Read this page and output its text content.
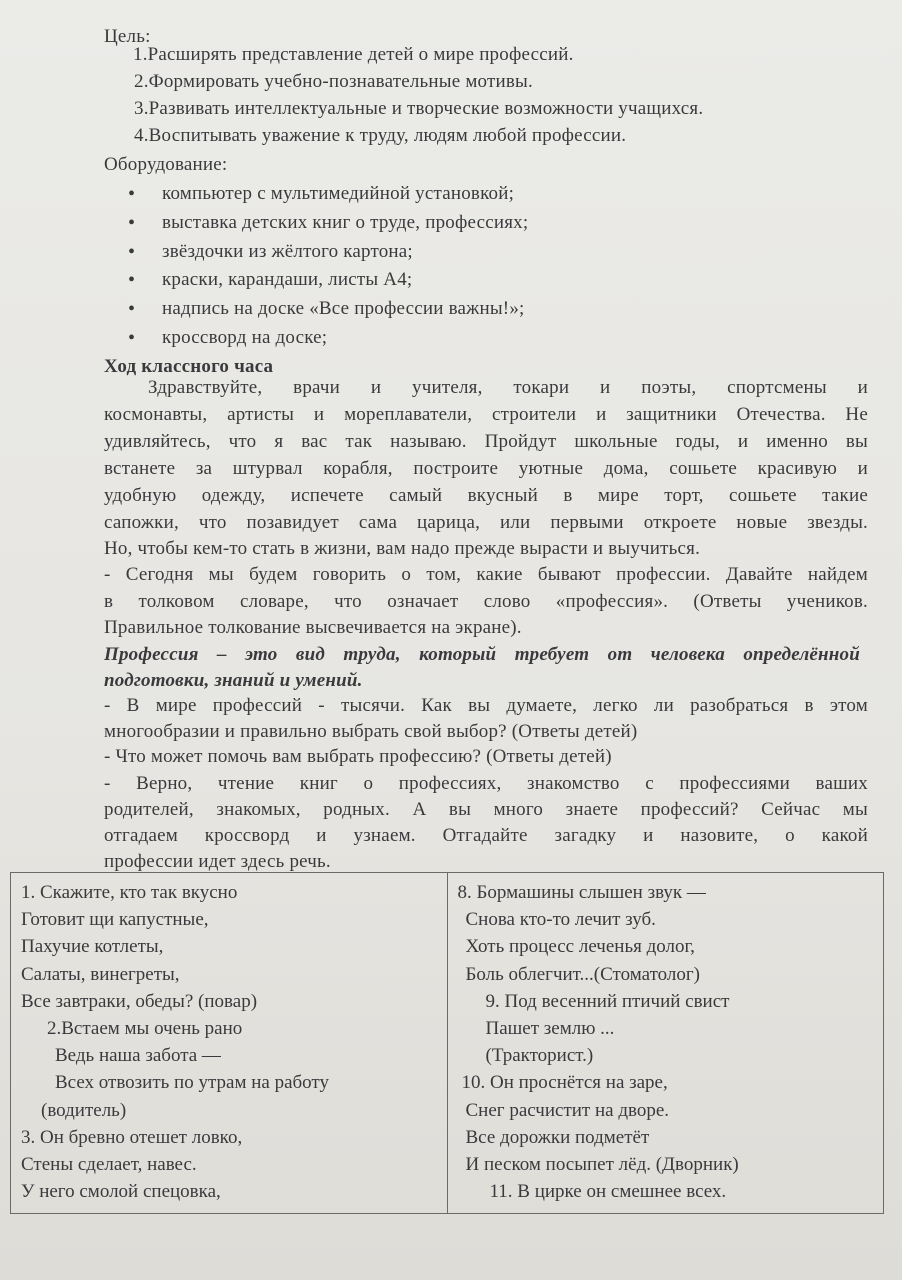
Цель:
1.Расширять представление детей о мире профессий.
2.Формировать учебно-познавательные мотивы.
3.Развивать интеллектуальные и творческие возможности учащихся.
4.Воспитывать уважение к труду, людям любой профессии.
Оборудование:
• компьютер с мультимедийной установкой;
• выставка детских книг о труде, профессиях;
• звёздочки из жёлтого картона;
• краски, карандаши, листы А4;
• надпись на доске «Все профессии важны!»;
• кроссворд на доске;
Ход классного часа
Здравствуйте, врачи и учителя, токари и поэты, спортсмены и
космонавты, артисты и мореплаватели, строители и защитники Отечества. Не
удивляйтесь, что я вас так называю. Пройдут школьные годы, и именно вы
встанете за штурвал корабля, построите уютные дома, сошьете красивую и
удобную одежду, испечете самый вкусный в мире торт, сошьете такие
сапожки, что позавидует сама царица, или первыми откроете новые звезды.
Но, чтобы кем-то стать в жизни, вам надо прежде вырасти и выучиться.
- Сегодня мы будем говорить о том, какие бывают профессии. Давайте найдем
в толковом словаре, что означает слово «профессия». (Ответы учеников.
Правильное толкование высвечивается на экране).
Профессия – это вид труда, который требует от человека определённой
подготовки, знаний и умений.
- В мире профессий - тысячи. Как вы думаете, легко ли разобраться в этом
многообразии и правильно выбрать свой выбор? (Ответы детей)
- Что может помочь вам выбрать профессию? (Ответы детей)
- Верно, чтение книг о профессиях, знакомство с профессиями ваших
родителей, знакомых, родных. А вы много знаете профессий? Сейчас мы
отгадаем кроссворд и узнаем. Отгадайте загадку и назовите, о какой
профессии идет здесь речь.
1. Скажите, кто так вкусно
Готовит щи капустные,
Пахучие котлеты,
Салаты, винегреты,
Все завтраки, обеды? (повар)
2.Встаем мы очень рано
Ведь наша забота —
Всех отвозить по утрам на работу
(водитель)
3. Он бревно отешет ловко,
Стены сделает, навес.
У него смолой спецовка,

8. Бормашины слышен звук —
Снова кто-то лечит зуб.
Хоть процесс леченья долог,
Боль облегчит...(Стоматолог)
9. Под весенний птичий свист
Пашет землю ...
(Тракторист.)
10. Он проснётся на заре,
Снег расчистит на дворе.
Все дорожки подметёт
И песком посыпет лёд. (Дворник)
11. В цирке он смешнее всех.
